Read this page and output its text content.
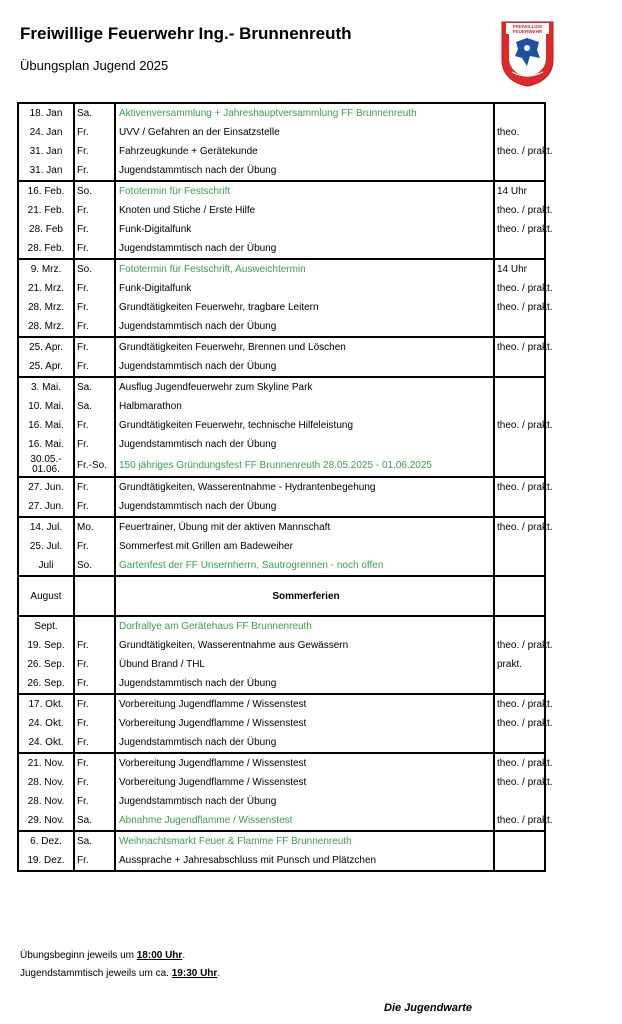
Freiwillige Feuerwehr Ing.- Brunnenreuth
Übungsplan Jugend 2025
FREIWILLIGE
FEUERWEHR
18. Jan	Sa.	Aktivenversammlung + Jahreshauptversammlung FF Brunnenreuth	
24. Jan	Fr.	UVV / Gefahren an der Einsatzstelle	theo.
31. Jan	Fr.	Fahrzeugkunde + Gerätekunde	theo. / prakt.
31. Jan	Fr.	Jugendstammtisch nach der Übung	
16. Feb.	So.	Fototermin für Festschrift	14 Uhr
21. Feb.	Fr.	Knoten und Stiche / Erste Hilfe	theo. / prakt.
28. Feb	Fr.	Funk-Digitalfunk	theo. / prakt.
28. Feb.	Fr.	Jugendstammtisch nach der Übung	
9. Mrz.	So.	Fototermin für Festschrift, Ausweichtermin	14 Uhr
21. Mrz.	Fr.	Funk-Digitalfunk	theo. / prakt.
28. Mrz.	Fr.	Grundtätigkeiten Feuerwehr, tragbare Leitern	theo. / prakt.
28. Mrz.	Fr.	Jugendstammtisch nach der Übung	
25. Apr.	Fr.	Grundtätigkeiten Feuerwehr, Brennen und Löschen	theo. / prakt.
25. Apr.	Fr.	Jugendstammtisch nach der Übung	
3. Mai.	Sa.	Ausflug Jugendfeuerwehr zum Skyline Park	
10. Mai.	Sa.	Halbmarathon	
16. Mai.	Fr.	Grundtätigkeiten Feuerwehr, technische Hilfeleistung	theo. / prakt.
16. Mai.	Fr.	Jugendstammtisch nach der Übung	
30.05.- 01.06.	Fr.-So.	150 jähriges Gründungsfest FF Brunnenreuth 28.05.2025 - 01.06.2025	
27. Jun.	Fr.	Grundtätigkeiten, Wasserentnahme - Hydrantenbegehung	theo. / prakt.
27. Jun.	Fr.	Jugendstammtisch nach der Übung	
14. Jul.	Mo.	Feuertrainer, Übung mit der aktiven Mannschaft	theo. / prakt.
25. Jul.	Fr.	Sommerfest mit Grillen am Badeweiher	
Juli	So.	Gartenfest der FF Unsernherrn, Sautrogrennen - noch offen	
August		Sommerferien	
Sept.		Dorfrallye am Gerätehaus FF Brunnenreuth	
19. Sep.	Fr.	Grundtätigkeiten, Wasserentnahme aus Gewässern	theo. / prakt.
26. Sep.	Fr.	Übund Brand / THL	prakt.
26. Sep.	Fr.	Jugendstammtisch nach der Übung	
17. Okt.	Fr.	Vorbereitung Jugendflamme / Wissenstest	theo. / prakt.
24. Okt.	Fr.	Vorbereitung Jugendflamme / Wissenstest	theo. / prakt.
24. Okt.	Fr.	Jugendstammtisch nach der Übung	
21. Nov.	Fr.	Vorbereitung Jugendflamme / Wissenstest	theo. / prakt.
28. Nov.	Fr.	Vorbereitung Jugendflamme / Wissenstest	theo. / prakt.
28. Nov.	Fr.	Jugendstammtisch nach der Übung	
29. Nov.	Sa.	Abnahme Jugendflamme / Wissenstest	theo. / prakt.
6. Dez.	Sa.	Weihnachtsmarkt Feuer & Flamme FF Brunnenreuth	
19. Dez.	Fr.	Aussprache + Jahresabschluss mit Punsch und Plätzchen	
Übungsbeginn jeweils um 18:00 Uhr.
Jugendstammtisch jeweils um ca. 19:30 Uhr.
Die Jugendwarte
